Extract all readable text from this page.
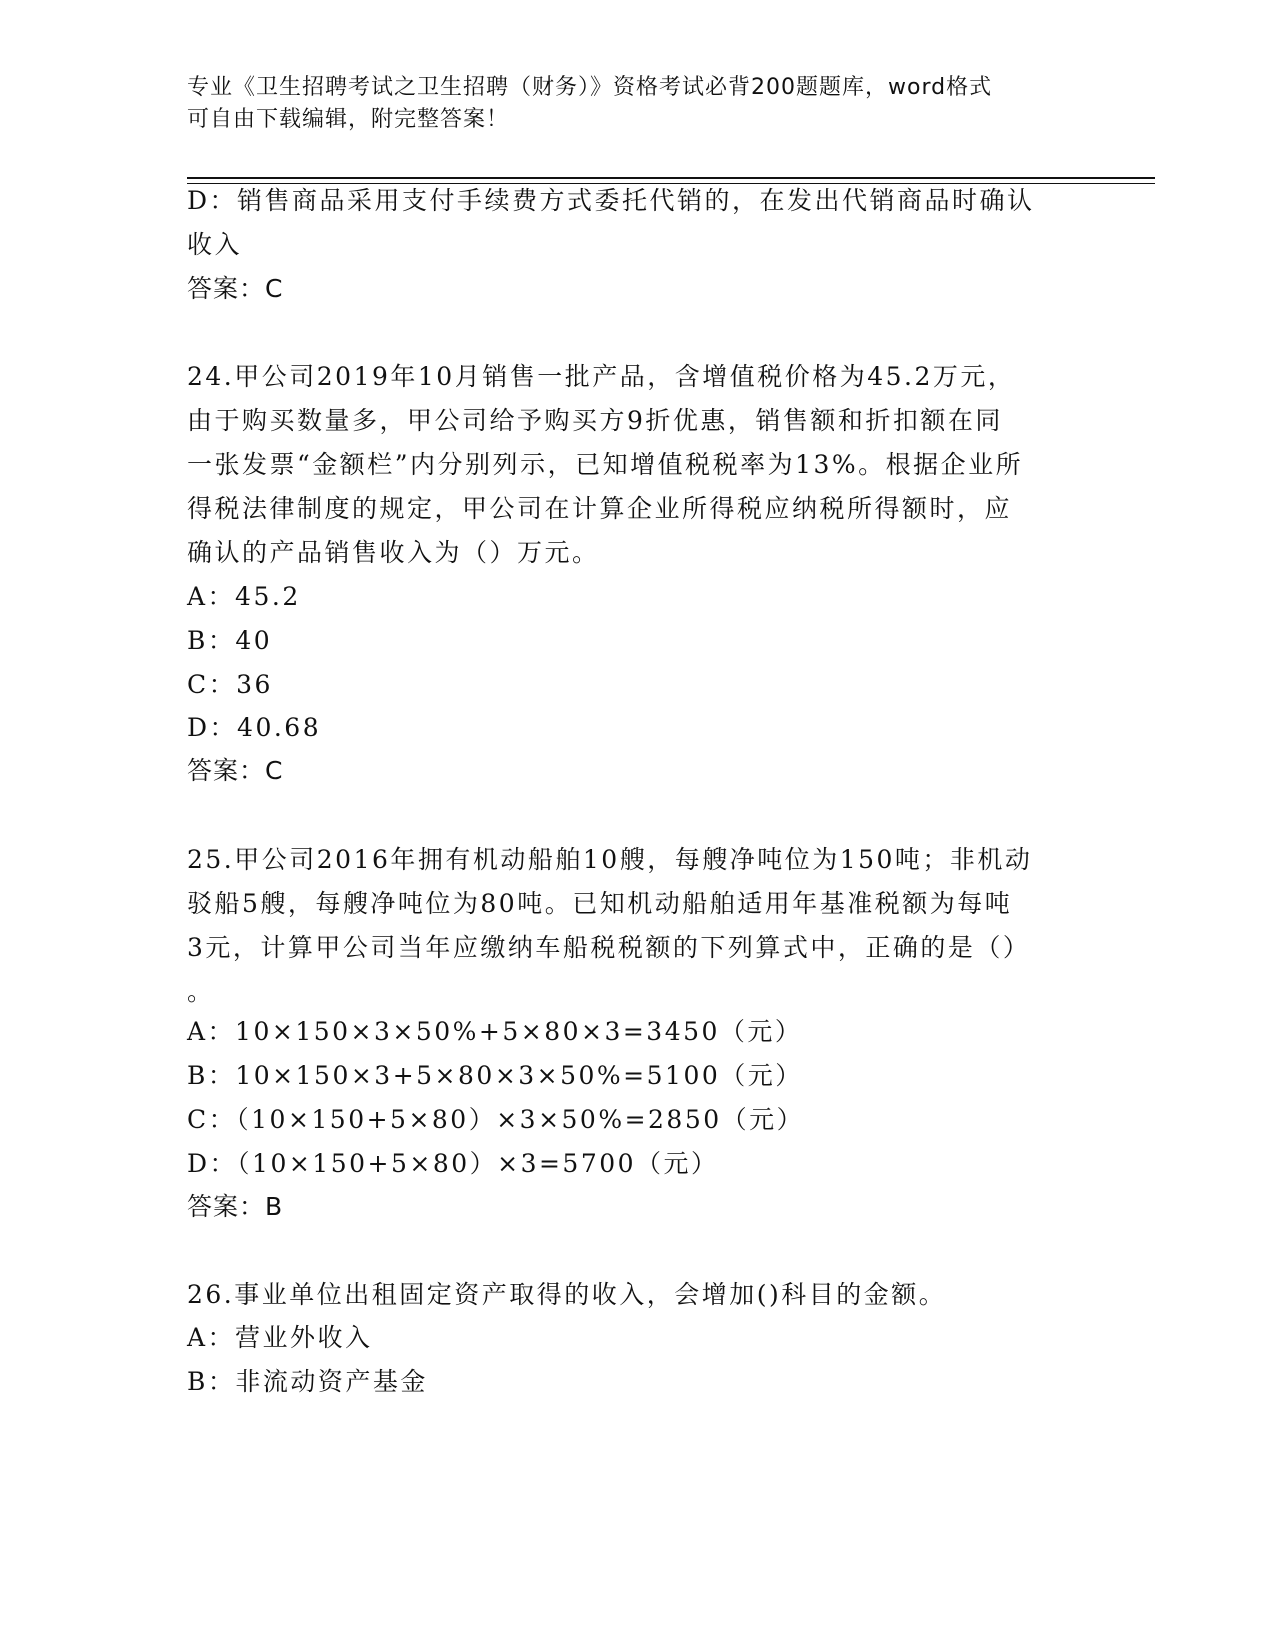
专业《卫生招聘考试之卫生招聘（财务）》资格考试必背200题题库，word格式
可自由下载编辑，附完整答案！
D：销售商品采用支付手续费方式委托代销的，在发出代销商品时确认
收入
答案：C
24.甲公司2019年10月销售一批产品，含增值税价格为45.2万元，
由于购买数量多，甲公司给予购买方9折优惠，销售额和折扣额在同
一张发票“金额栏”内分别列示，已知增值税税率为13%。根据企业所
得税法律制度的规定，甲公司在计算企业所得税应纳税所得额时，应
确认的产品销售收入为（）万元。
A：45.2
B：40
C：36
D：40.68
答案：C
25.甲公司2016年拥有机动船舶10艘，每艘净吨位为150吨；非机动
驳船5艘，每艘净吨位为80吨。已知机动船舶适用年基准税额为每吨
3元，计算甲公司当年应缴纳车船税税额的下列算式中，正确的是（）
。
A：10×150×3×50%+5×80×3=3450（元）
B：10×150×3+5×80×3×50%=5100（元）
C：（10×150+5×80）×3×50%=2850（元）
D：（10×150+5×80）×3=5700（元）
答案：B
26.事业单位出租固定资产取得的收入，会增加()科目的金额。
A：营业外收入
B：非流动资产基金
